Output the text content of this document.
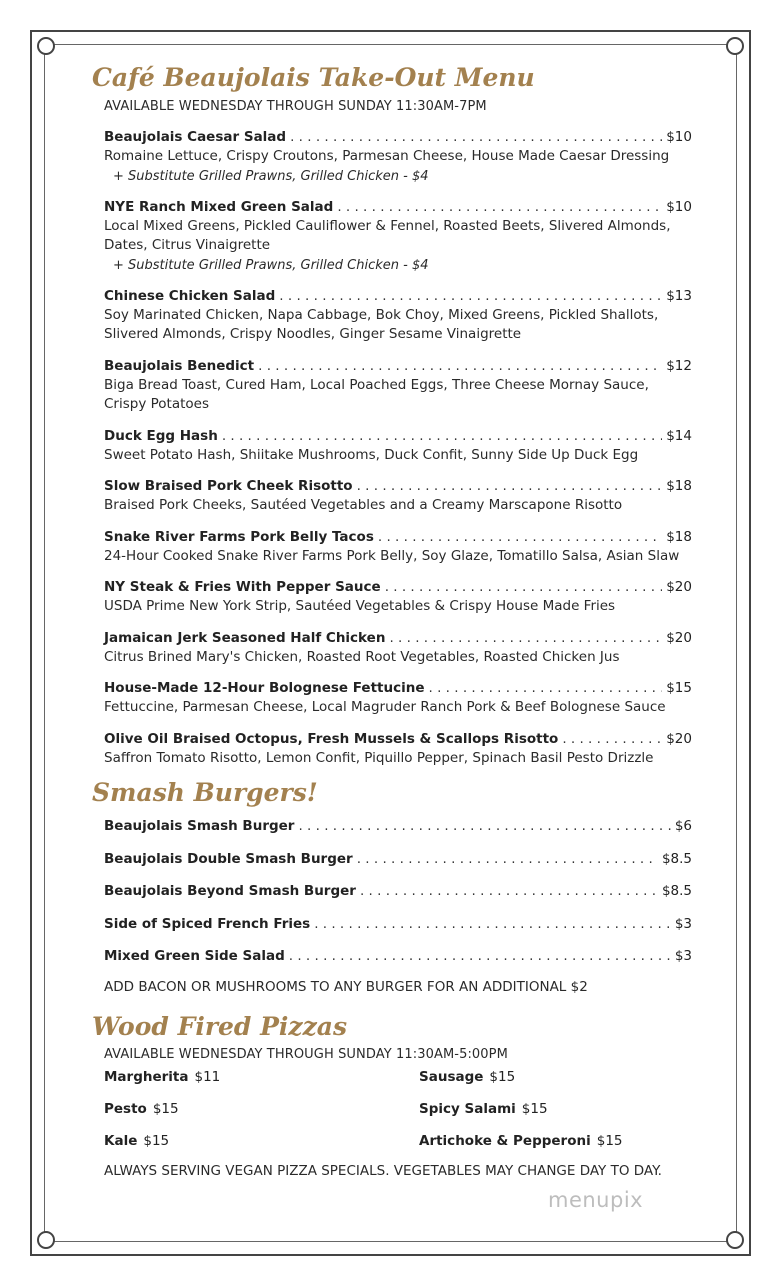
Café Beaujolais Take-Out Menu
AVAILABLE WEDNESDAY THROUGH SUNDAY 11:30AM-7PM
Beaujolais Caesar Salad . . .	$10
Romaine Lettuce, Crispy Croutons, Parmesan Cheese, House Made Caesar Dressing
+ Substitute Grilled Prawns, Grilled Chicken - $4
NYE Ranch Mixed Green Salad . . .	$10
Local Mixed Greens, Pickled Cauliflower & Fennel, Roasted Beets, Slivered Almonds, Dates, Citrus Vinaigrette
+ Substitute Grilled Prawns, Grilled Chicken - $4
Chinese Chicken Salad . . .	$13
Soy Marinated Chicken, Napa Cabbage, Bok Choy, Mixed Greens, Pickled Shallots, Slivered Almonds, Crispy Noodles, Ginger Sesame Vinaigrette
Beaujolais Benedict . . .	$12
Biga Bread Toast, Cured Ham, Local Poached Eggs, Three Cheese Mornay Sauce, Crispy Potatoes
Duck Egg Hash . . .	$14
Sweet Potato Hash, Shiitake Mushrooms, Duck Confit, Sunny Side Up Duck Egg
Slow Braised Pork Cheek Risotto . . .	$18
Braised Pork Cheeks, Sautéed Vegetables and a Creamy Marscapone Risotto
Snake River Farms Pork Belly Tacos . . .	$18
24-Hour Cooked Snake River Farms Pork Belly, Soy Glaze, Tomatillo Salsa, Asian Slaw
NY Steak & Fries With Pepper Sauce . . .	$20
USDA Prime New York Strip, Sautéed Vegetables & Crispy House Made Fries
Jamaican Jerk Seasoned Half Chicken . . .	$20
Citrus Brined Mary's Chicken, Roasted Root Vegetables, Roasted Chicken Jus
House-Made 12-Hour Bolognese Fettucine . . .	$15
Fettuccine, Parmesan Cheese, Local Magruder Ranch Pork & Beef Bolognese Sauce
Olive Oil Braised Octopus, Fresh Mussels & Scallops Risotto . . .	$20
Saffron Tomato Risotto, Lemon Confit, Piquillo Pepper, Spinach Basil Pesto Drizzle
Smash Burgers!
Beaujolais Smash Burger . . .	$6
Beaujolais Double Smash Burger . . .	$8.5
Beaujolais Beyond Smash Burger . . .	$8.5
Side of Spiced French Fries . . .	$3
Mixed Green Side Salad . . .	$3
ADD BACON OR MUSHROOMS TO ANY BURGER FOR AN ADDITIONAL $2
Wood Fired Pizzas
AVAILABLE WEDNESDAY THROUGH SUNDAY 11:30AM-5:00PM
Margherita $11	Sausage $15
Pesto $15	Spicy Salami $15
Kale $15	Artichoke & Pepperoni $15
ALWAYS SERVING VEGAN PIZZA SPECIALS. VEGETABLES MAY CHANGE DAY TO DAY.
menupix
